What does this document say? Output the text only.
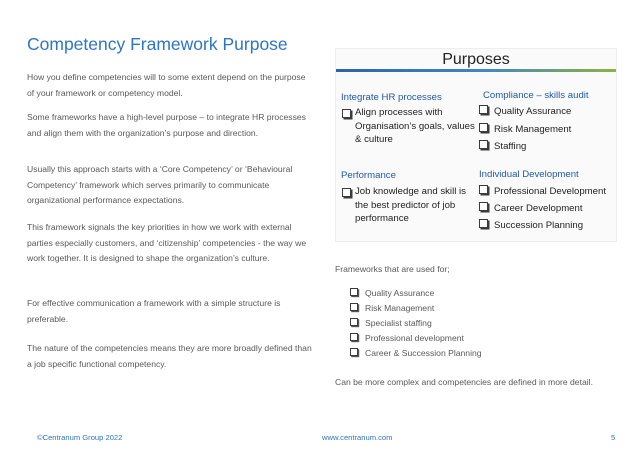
Competency Framework Purpose

How you define competencies will to some extent depend on the purpose of your framework or competency model.

Some frameworks have a high-level purpose – to integrate HR processes and align them with the organization’s purpose and direction.

Usually this approach starts with a ‘Core Competency’ or ‘Behavioural Competency’ framework which serves primarily to communicate organizational performance expectations.

This framework signals the key priorities in how we work with external parties especially customers, and ‘citizenship’ competencies - the way we work together. It is designed to shape the organization’s culture.

For effective communication a framework with a simple structure is preferable.

The nature of the competencies means they are more broadly defined than a job specific functional competency.

Purposes
Integrate HR processes
Align processes with Organisation’s goals, values & culture
Compliance – skills audit
Quality Assurance
Risk Management
Staffing
Performance
Job knowledge and skill is the best predictor of job performance
Individual Development
Professional Development
Career Development
Succession Planning

Frameworks that are used for;

Quality Assurance
Risk Management
Specialist staffing
Professional development
Career & Succession Planning

Can be more complex and competencies are defined in more detail.

©Centranum Group 2022	www.centranum.com	5
